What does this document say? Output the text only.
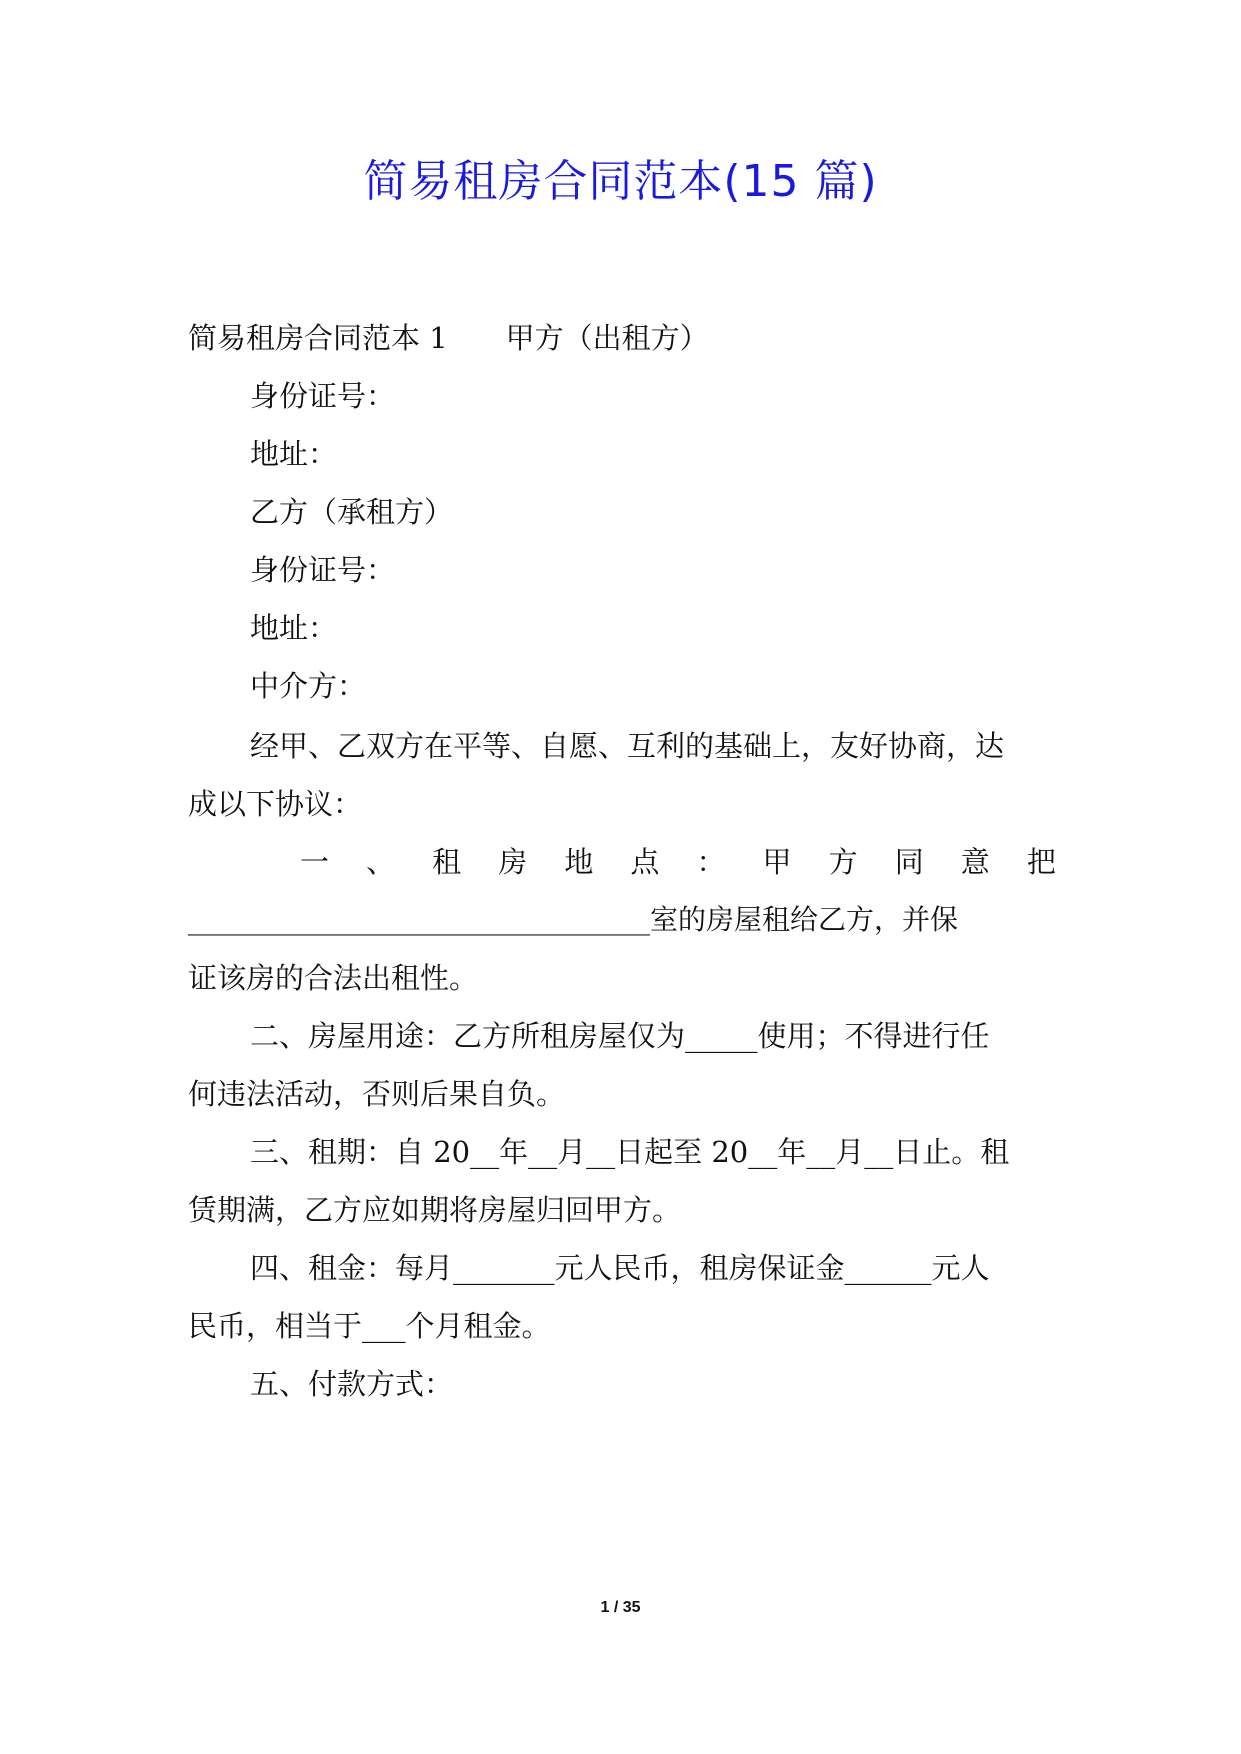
简易租房合同范本(15 篇)
简易租房合同范本 1 甲方（出租方）
身份证号：
地址：
乙方（承租方）
身份证号：
地址：
中介方：
经甲、乙双方在平等、自愿、互利的基础上，友好协商，达
成以下协议：
一 、 租 房 地 点 ： 甲 方 同 意 把
_________________________________室的房屋租给乙方，并保
证该房的合法出租性。
二、房屋用途：乙方所租房屋仅为_____使用；不得进行任
何违法活动，否则后果自负。
三、租期：自 20__年__月__日起至 20__年__月__日止。租
赁期满，乙方应如期将房屋归回甲方。
四、租金：每月_______元人民币，租房保证金______元人
民币，相当于___个月租金。
五、付款方式：
1 / 35
